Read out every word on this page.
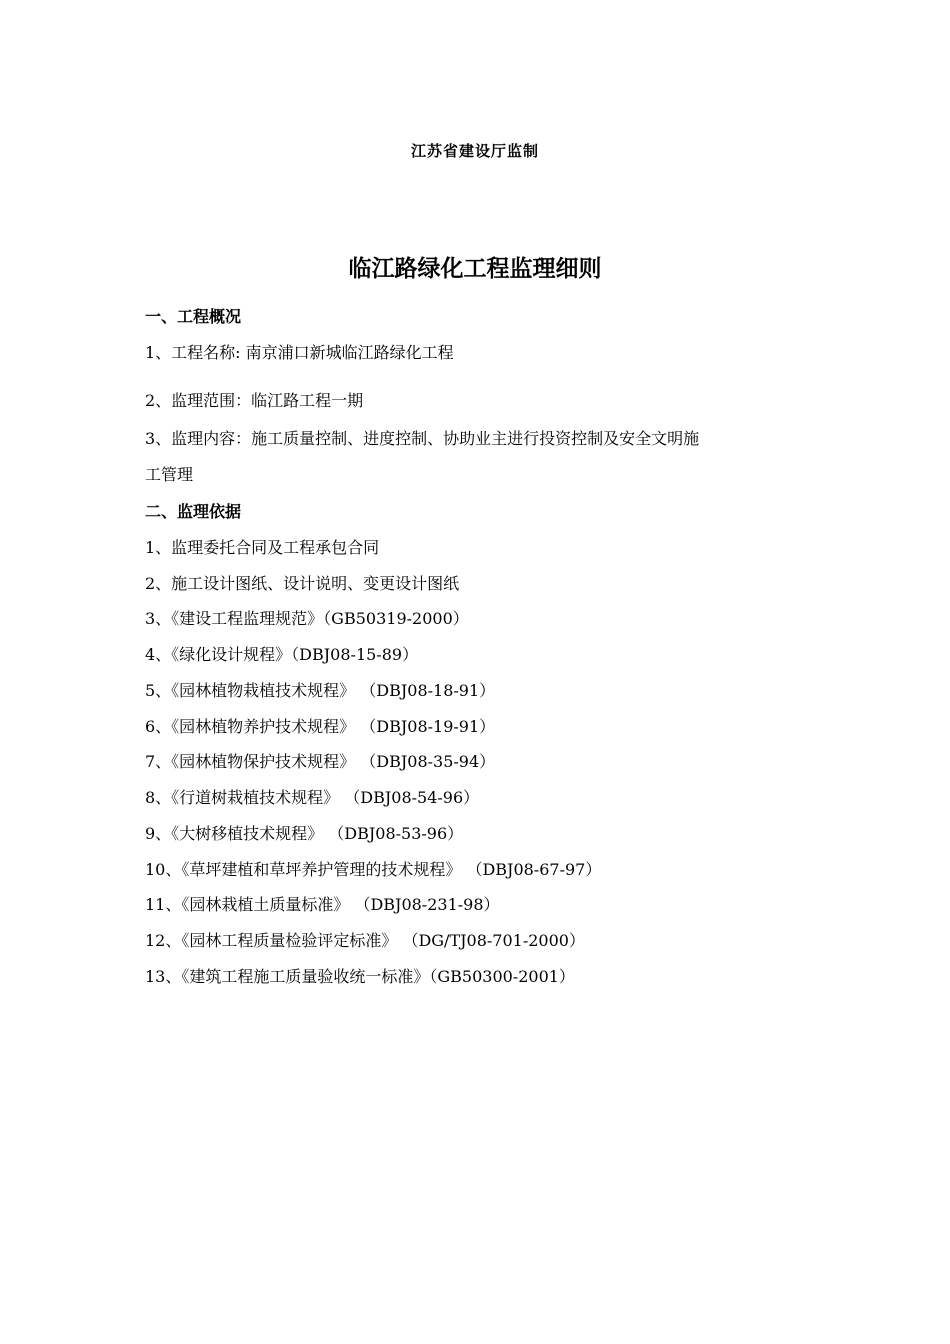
江苏省建设厅监制
临江路绿化工程监理细则
一、工程概况
1、工程名称: 南京浦口新城临江路绿化工程
2、监理范围：临江路工程一期
3、监理内容：施工质量控制、进度控制、协助业主进行投资控制及安全文明施
工管理
二、监理依据
1、监理委托合同及工程承包合同
2、施工设计图纸、设计说明、变更设计图纸
3、《建设工程监理规范》（GB50319-2000）
4、《绿化设计规程》（DBJ08-15-89）
5、《园林植物栽植技术规程》 （DBJ08-18-91）
6、《园林植物养护技术规程》 （DBJ08-19-91）
7、《园林植物保护技术规程》 （DBJ08-35-94）
8、《行道树栽植技术规程》 （DBJ08-54-96）
9、《大树移植技术规程》 （DBJ08-53-96）
10、《草坪建植和草坪养护管理的技术规程》 （DBJ08-67-97）
11、《园林栽植土质量标准》 （DBJ08-231-98）
12、《园林工程质量检验评定标准》 （DG/TJ08-701-2000）
13、《建筑工程施工质量验收统一标准》（GB50300-2001）
